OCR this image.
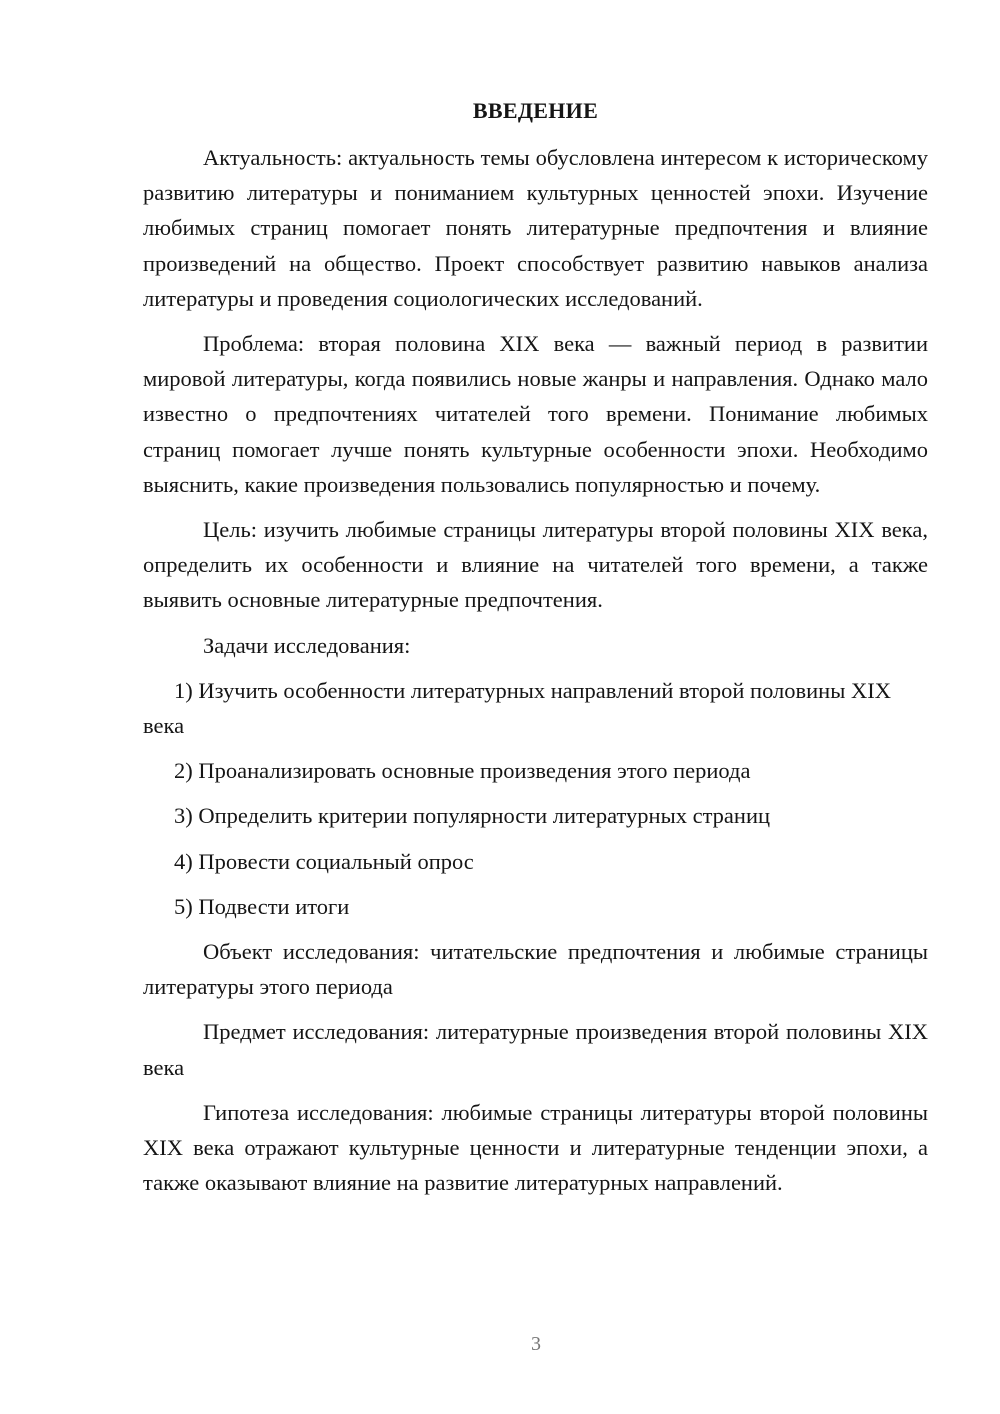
ВВЕДЕНИЕ

Актуальность: актуальность темы обусловлена интересом к историческому развитию литературы и пониманием культурных ценностей эпохи. Изучение любимых страниц помогает понять литературные предпочтения и влияние произведений на общество. Проект способствует развитию навыков анализа литературы и проведения социологических исследований.

Проблема: вторая половина XIX века — важный период в развитии мировой литературы, когда появились новые жанры и направления. Однако мало известно о предпочтениях читателей того времени. Понимание любимых страниц помогает лучше понять культурные особенности эпохи. Необходимо выяснить, какие произведения пользовались популярностью и почему.

Цель: изучить любимые страницы литературы второй половины XIX века, определить их особенности и влияние на читателей того времени, а также выявить основные литературные предпочтения.

Задачи исследования:

1) Изучить особенности литературных направлений второй половины XIX века

2) Проанализировать основные произведения этого периода

3) Определить критерии популярности литературных страниц

4) Провести социальный опрос

5) Подвести итоги

Объект исследования: читательские предпочтения и любимые страницы литературы этого периода

Предмет исследования: литературные произведения второй половины XIX века

Гипотеза исследования: любимые страницы литературы второй половины XIX века отражают культурные ценности и литературные тенденции эпохи, а также оказывают влияние на развитие литературных направлений.

3
